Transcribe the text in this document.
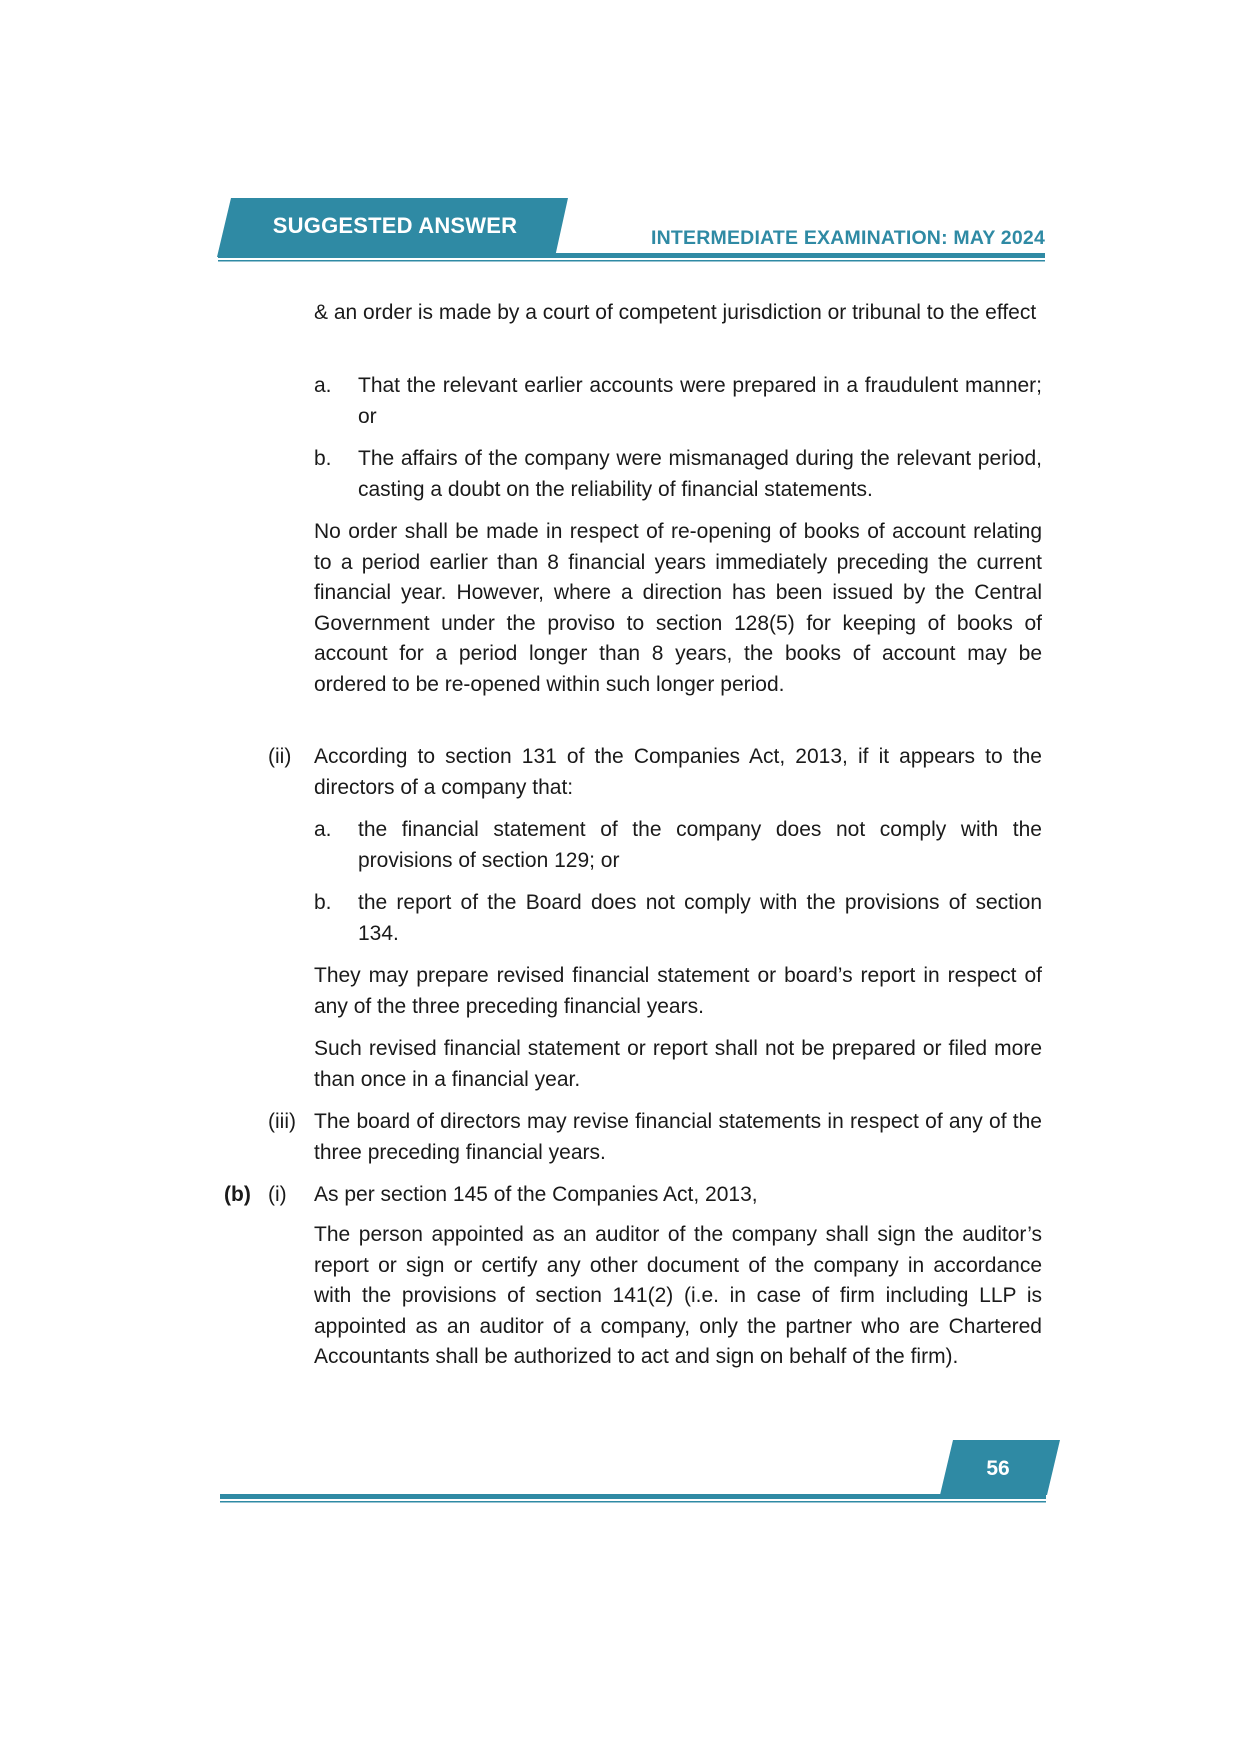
SUGGESTED ANSWER	INTERMEDIATE EXAMINATION: MAY 2024

& an order is made by a court of competent jurisdiction or tribunal to the effect

a. That the relevant earlier accounts were prepared in a fraudulent manner; or

b. The affairs of the company were mismanaged during the relevant period, casting a doubt on the reliability of financial statements.

No order shall be made in respect of re-opening of books of account relating to a period earlier than 8 financial years immediately preceding the current financial year. However, where a direction has been issued by the Central Government under the proviso to section 128(5) for keeping of books of account for a period longer than 8 years, the books of account may be ordered to be re-opened within such longer period.

(ii) According to section 131 of the Companies Act, 2013, if it appears to the directors of a company that:

a. the financial statement of the company does not comply with the provisions of section 129; or

b. the report of the Board does not comply with the provisions of section 134.

They may prepare revised financial statement or board’s report in respect of any of the three preceding financial years.

Such revised financial statement or report shall not be prepared or filed more than once in a financial year.

(iii) The board of directors may revise financial statements in respect of any of the three preceding financial years.

(b) (i) As per section 145 of the Companies Act, 2013,

The person appointed as an auditor of the company shall sign the auditor’s report or sign or certify any other document of the company in accordance with the provisions of section 141(2) (i.e. in case of firm including LLP is appointed as an auditor of a company, only the partner who are Chartered Accountants shall be authorized to act and sign on behalf of the firm).

56
